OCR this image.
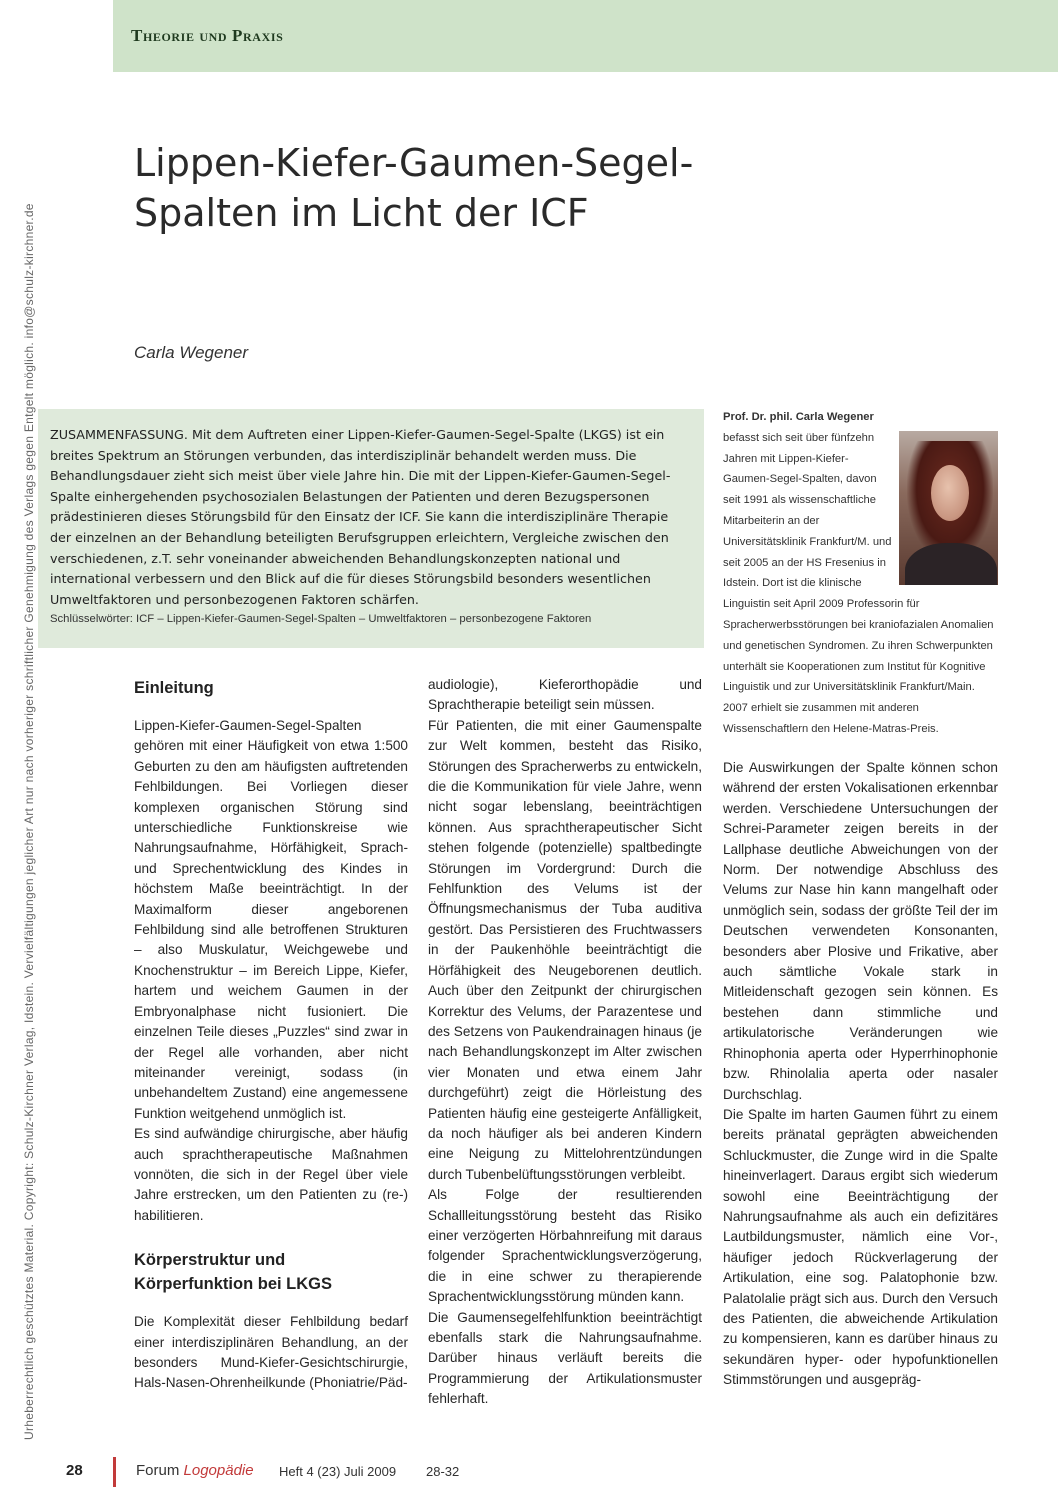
Theorie und Praxis
Urheberrechtlich geschütztes Material. Copyright: Schulz-Kirchner Verlag, Idstein. Vervielfältigungen jeglicher Art nur nach vorheriger schriftlicher Genehmigung des Verlags gegen Entgelt möglich. info@schulz-kirchner.de
Lippen-Kiefer-Gaumen-Segel-Spalten im Licht der ICF

Carla Wegener

ZUSAMMENFASSUNG. Mit dem Auftreten einer Lippen-Kiefer-Gaumen-Segel-Spalte (LKGS) ist ein breites Spektrum an Störungen verbunden, das interdisziplinär behandelt werden muss. Die Behandlungsdauer zieht sich meist über viele Jahre hin. Die mit der Lippen-Kiefer-Gaumen-Segel-Spalte einhergehenden psychosozialen Belastungen der Patienten und deren Bezugspersonen prädestinieren dieses Störungsbild für den Einsatz der ICF. Sie kann die interdisziplinäre Therapie der einzelnen an der Behandlung beteiligten Berufsgruppen erleichtern, Vergleiche zwischen den verschiedenen, z.T. sehr voneinander abweichenden Behandlungskonzepten national und international verbessern und den Blick auf die für dieses Störungsbild besonders wesentlichen Umweltfaktoren und personbezogenen Faktoren schärfen.

Schlüsselwörter: ICF – Lippen-Kiefer-Gaumen-Segel-Spalten – Umweltfaktoren – personbezogene Faktoren

Prof. Dr. phil. Carla Wegener

befasst sich seit über fünfzehn Jahren mit Lippen-Kiefer-Gaumen-Segel-Spalten, davon seit 1991 als wissenschaftliche Mitarbeiterin an der Universitätsklinik Frankfurt/M. und seit 2005 an der HS Fresenius in Idstein. Dort ist die klinische Linguistin seit April 2009 Professorin für Spracherwerbsstörungen bei kraniofazialen Anomalien und genetischen Syndromen. Zu ihren Schwerpunkten unterhält sie Kooperationen zum Institut für Kognitive Linguistik und zur Universitätsklinik Frankfurt/Main. 2007 erhielt sie zusammen mit anderen Wissenschaftlern den Helene-Matras-Preis.

Einleitung

Lippen-Kiefer-Gaumen-Segel-Spalten gehören mit einer Häufigkeit von etwa 1:500 Geburten zu den am häufigsten auftretenden Fehlbildungen. Bei Vorliegen dieser komplexen organischen Störung sind unterschiedliche Funktionskreise wie Nahrungsaufnahme, Hörfähigkeit, Sprach- und Sprechentwicklung des Kindes in höchstem Maße beeinträchtigt. In der Maximalform dieser angeborenen Fehlbildung sind alle betroffenen Strukturen – also Muskulatur, Weichgewebe und Knochenstruktur – im Bereich Lippe, Kiefer, hartem und weichem Gaumen in der Embryonalphase nicht fusioniert. Die einzelnen Teile dieses „Puzzles“ sind zwar in der Regel alle vorhanden, aber nicht miteinander vereinigt, sodass (in unbehandeltem Zustand) eine angemessene Funktion weitgehend unmöglich ist.

Es sind aufwändige chirurgische, aber häufig auch sprachtherapeutische Maßnahmen vonnöten, die sich in der Regel über viele Jahre erstrecken, um den Patienten zu (re-) habilitieren.

Körperstruktur und Körperfunktion bei LKGS

Die Komplexität dieser Fehlbildung bedarf einer interdisziplinären Behandlung, an der besonders Mund-Kiefer-Gesichtschirurgie, Hals-Nasen-Ohrenheilkunde (Phoniatrie/Päd-

audiologie), Kieferorthopädie und Sprachtherapie beteiligt sein müssen.

Für Patienten, die mit einer Gaumenspalte zur Welt kommen, besteht das Risiko, Störungen des Spracherwerbs zu entwickeln, die die Kommunikation für viele Jahre, wenn nicht sogar lebenslang, beeinträchtigen können. Aus sprachtherapeutischer Sicht stehen folgende (potenzielle) spaltbedingte Störungen im Vordergrund: Durch die Fehlfunktion des Velums ist der Öffnungsmechanismus der Tuba auditiva gestört. Das Persistieren des Fruchtwassers in der Paukenhöhle beeinträchtigt die Hörfähigkeit des Neugeborenen deutlich. Auch über den Zeitpunkt der chirurgischen Korrektur des Velums, der Parazentese und des Setzens von Paukendrainagen hinaus (je nach Behandlungskonzept im Alter zwischen vier Monaten und etwa einem Jahr durchgeführt) zeigt die Hörleistung des Patienten häufig eine gesteigerte Anfälligkeit, da noch häufiger als bei anderen Kindern eine Neigung zu Mittelohrentzündungen durch Tubenbelüftungsstörungen verbleibt.

Als Folge der resultierenden Schallleitungsstörung besteht das Risiko einer verzögerten Hörbahnreifung mit daraus folgender Sprachentwicklungsverzögerung, die in eine schwer zu therapierende Sprachentwicklungsstörung münden kann.

Die Gaumensegelfehlfunktion beeinträchtigt ebenfalls stark die Nahrungsaufnahme. Darüber hinaus verläuft bereits die Programmierung der Artikulationsmuster fehlerhaft.

Die Auswirkungen der Spalte können schon während der ersten Vokalisationen erkennbar werden. Verschiedene Untersuchungen der Schrei-Parameter zeigen bereits in der Lallphase deutliche Abweichungen von der Norm. Der notwendige Abschluss des Velums zur Nase hin kann mangelhaft oder unmöglich sein, sodass der größte Teil der im Deutschen verwendeten Konsonanten, besonders aber Plosive und Frikative, aber auch sämtliche Vokale stark in Mitleidenschaft gezogen sein können. Es bestehen dann stimmliche und artikulatorische Veränderungen wie Rhinophonia aperta oder Hyperrhinophonie bzw. Rhinolalia aperta oder nasaler Durchschlag.

Die Spalte im harten Gaumen führt zu einem bereits pränatal geprägten abweichenden Schluckmuster, die Zunge wird in die Spalte hineinverlagert. Daraus ergibt sich wiederum sowohl eine Beeinträchtigung der Nahrungsaufnahme als auch ein defizitäres Lautbildungsmuster, nämlich eine Vor-, häufiger jedoch Rückverlagerung der Artikulation, eine sog. Palatophonie bzw. Palatolalie prägt sich aus. Durch den Versuch des Patienten, die abweichende Artikulation zu kompensieren, kann es darüber hinaus zu sekundären hyper- oder hypofunktionellen Stimmstörungen und ausgepräg-

28	Forum Logopädie Heft 4 (23) Juli 2009 28-32
